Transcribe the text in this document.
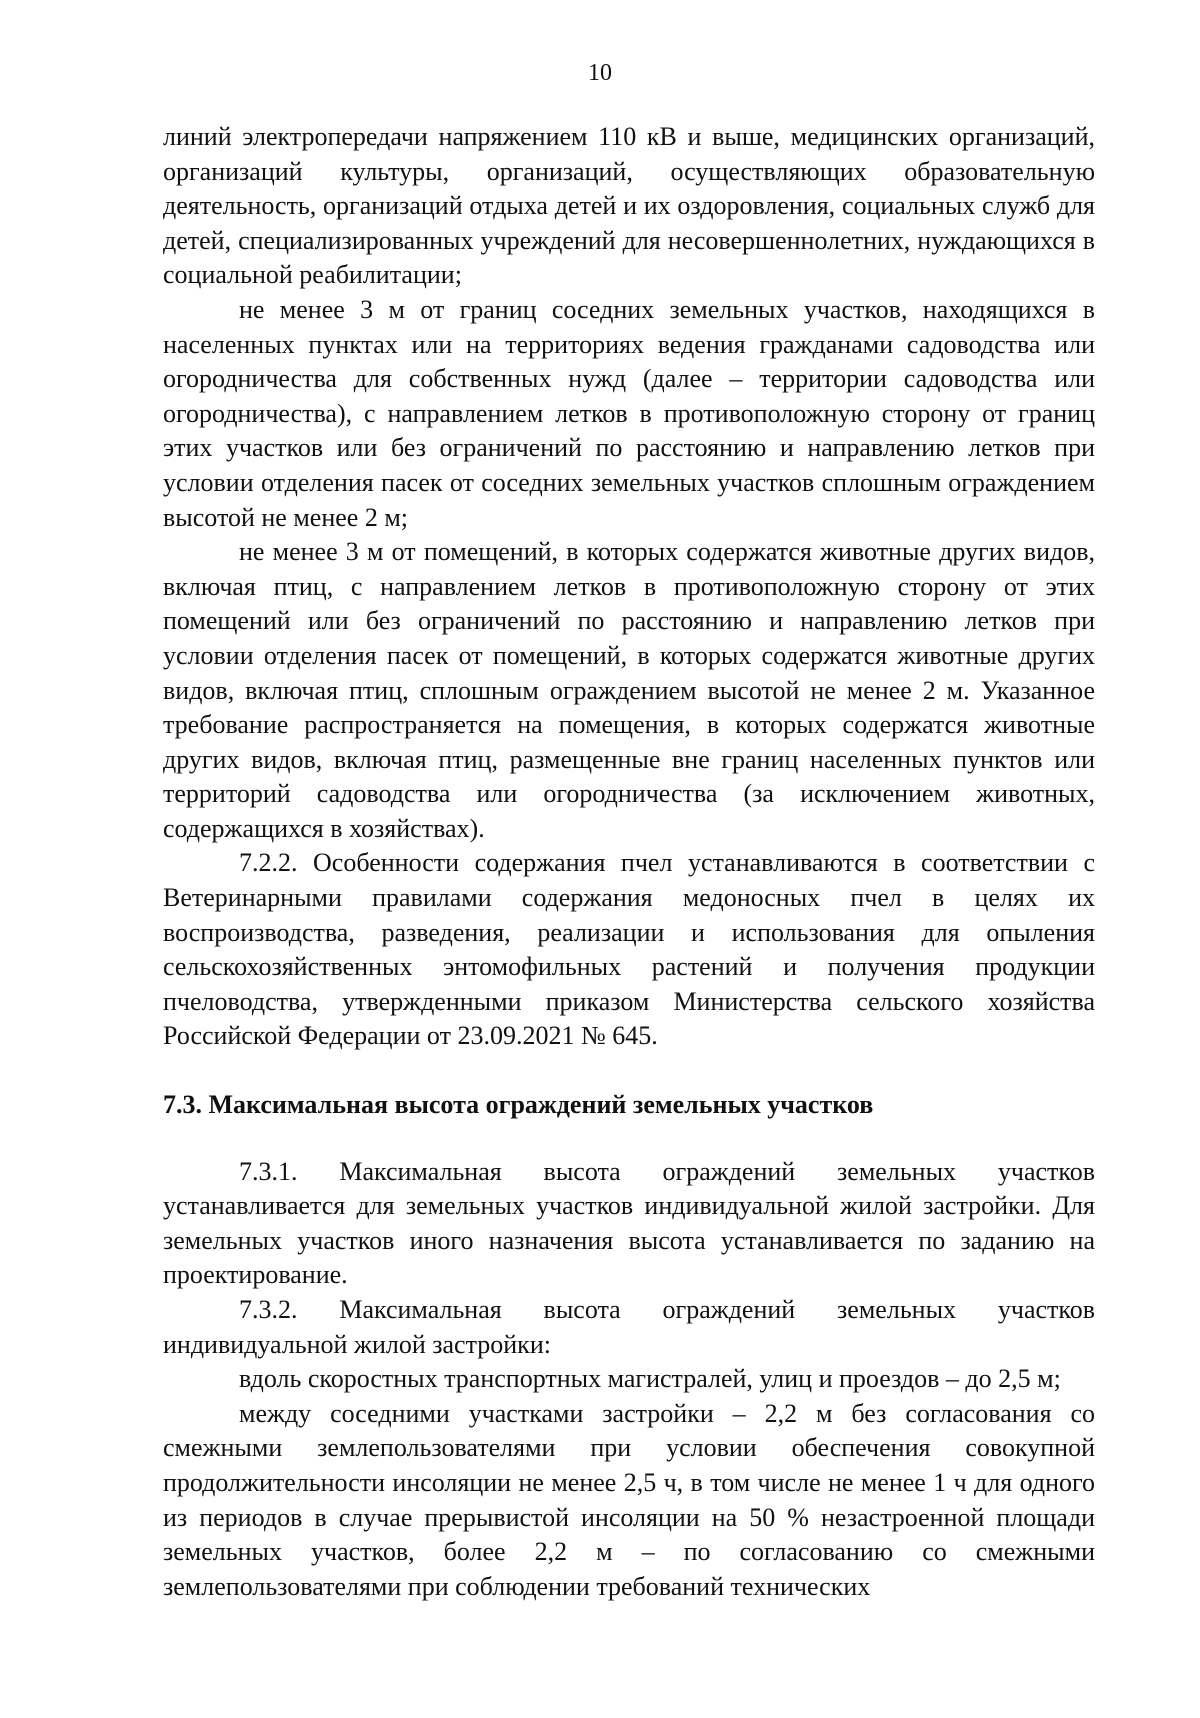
10

линий электропередачи напряжением 110 кВ и выше, медицинских организаций, организаций культуры, организаций, осуществляющих образовательную деятельность, организаций отдыха детей и их оздоровления, социальных служб для детей, специализированных учреждений для несовершеннолетних, нуждающихся в социальной реабилитации;

не менее 3 м от границ соседних земельных участков, находящихся в населенных пунктах или на территориях ведения гражданами садоводства или огородничества для собственных нужд (далее – территории садоводства или огородничества), с направлением летков в противоположную сторону от границ этих участков или без ограничений по расстоянию и направлению летков при условии отделения пасек от соседних земельных участков сплошным ограждением высотой не менее 2 м;

не менее 3 м от помещений, в которых содержатся животные других видов, включая птиц, с направлением летков в противоположную сторону от этих помещений или без ограничений по расстоянию и направлению летков при условии отделения пасек от помещений, в которых содержатся животные других видов, включая птиц, сплошным ограждением высотой не менее 2 м. Указанное требование распространяется на помещения, в которых содержатся животные других видов, включая птиц, размещенные вне границ населенных пунктов или территорий садоводства или огородничества (за исключением животных, содержащихся в хозяйствах).

7.2.2. Особенности содержания пчел устанавливаются в соответствии с Ветеринарными правилами содержания медоносных пчел в целях их воспроизводства, разведения, реализации и использования для опыления сельскохозяйственных энтомофильных растений и получения продукции пчеловодства, утвержденными приказом Министерства сельского хозяйства Российской Федерации от 23.09.2021 № 645.

7.3. Максимальная высота ограждений земельных участков

7.3.1. Максимальная высота ограждений земельных участков устанавливается для земельных участков индивидуальной жилой застройки. Для земельных участков иного назначения высота устанавливается по заданию на проектирование.

7.3.2. Максимальная высота ограждений земельных участков индивидуальной жилой застройки:

вдоль скоростных транспортных магистралей, улиц и проездов – до 2,5 м;

между соседними участками застройки – 2,2 м без согласования со смежными землепользователями при условии обеспечения совокупной продолжительности инсоляции не менее 2,5 ч, в том числе не менее 1 ч для одного из периодов в случае прерывистой инсоляции на 50 % незастроенной площади земельных участков, более 2,2 м – по согласованию со смежными землепользователями при соблюдении требований технических
